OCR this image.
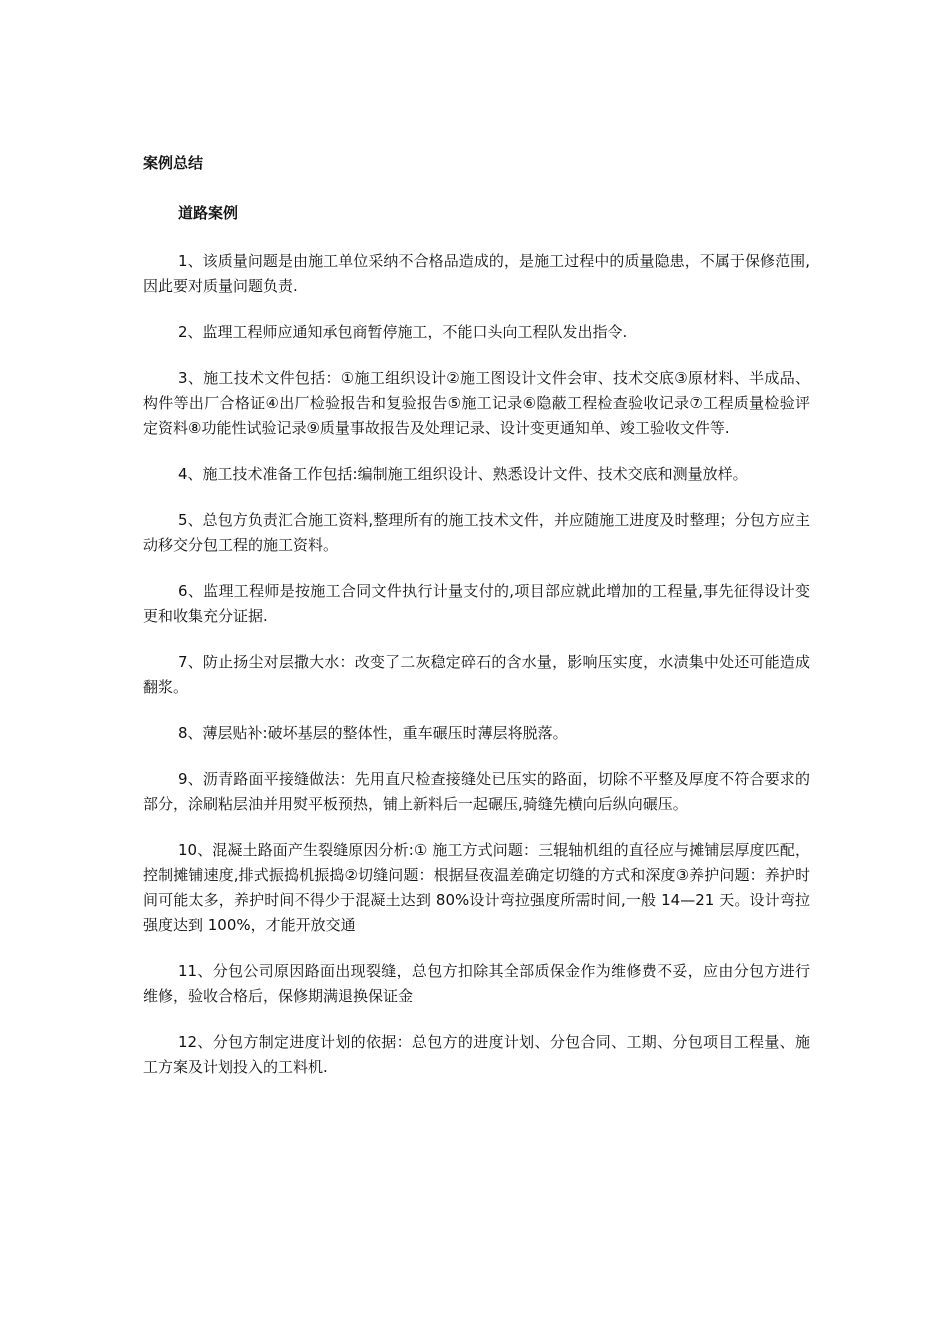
案例总结
道路案例

1、该质量问题是由施工单位采纳不合格品造成的，是施工过程中的质量隐患，不属于保修范围,因此要对质量问题负责.

2、监理工程师应通知承包商暂停施工，不能口头向工程队发出指令.

3、施工技术文件包括：①施工组织设计②施工图设计文件会审、技术交底③原材料、半成品、构件等出厂合格证④出厂检验报告和复验报告⑤施工记录⑥隐蔽工程检查验收记录⑦工程质量检验评定资料⑧功能性试验记录⑨质量事故报告及处理记录、设计变更通知单、竣工验收文件等.

4、施工技术准备工作包括:编制施工组织设计、熟悉设计文件、技术交底和测量放样。

5、总包方负责汇合施工资料,整理所有的施工技术文件，并应随施工进度及时整理；分包方应主动移交分包工程的施工资料。

6、监理工程师是按施工合同文件执行计量支付的,项目部应就此增加的工程量,事先征得设计变更和收集充分证据.

7、防止扬尘对层撒大水：改变了二灰稳定碎石的含水量，影响压实度，水渍集中处还可能造成翻浆。

8、薄层贴补:破坏基层的整体性，重车碾压时薄层将脱落。

9、沥青路面平接缝做法：先用直尺检查接缝处已压实的路面，切除不平整及厚度不符合要求的部分，涂刷粘层油并用熨平板预热，铺上新料后一起碾压,骑缝先横向后纵向碾压。

10、混凝土路面产生裂缝原因分析:① 施工方式问题：三辊轴机组的直径应与摊铺层厚度匹配，控制摊铺速度,排式振捣机振捣②切缝问题：根据昼夜温差确定切缝的方式和深度③养护问题：养护时间可能太多，养护时间不得少于混凝土达到 80%设计弯拉强度所需时间,一般 14—21 天。设计弯拉强度达到 100%，才能开放交通

11、分包公司原因路面出现裂缝，总包方扣除其全部质保金作为维修费不妥，应由分包方进行维修，验收合格后，保修期满退换保证金

12、分包方制定进度计划的依据：总包方的进度计划、分包合同、工期、分包项目工程量、施工方案及计划投入的工料机.
